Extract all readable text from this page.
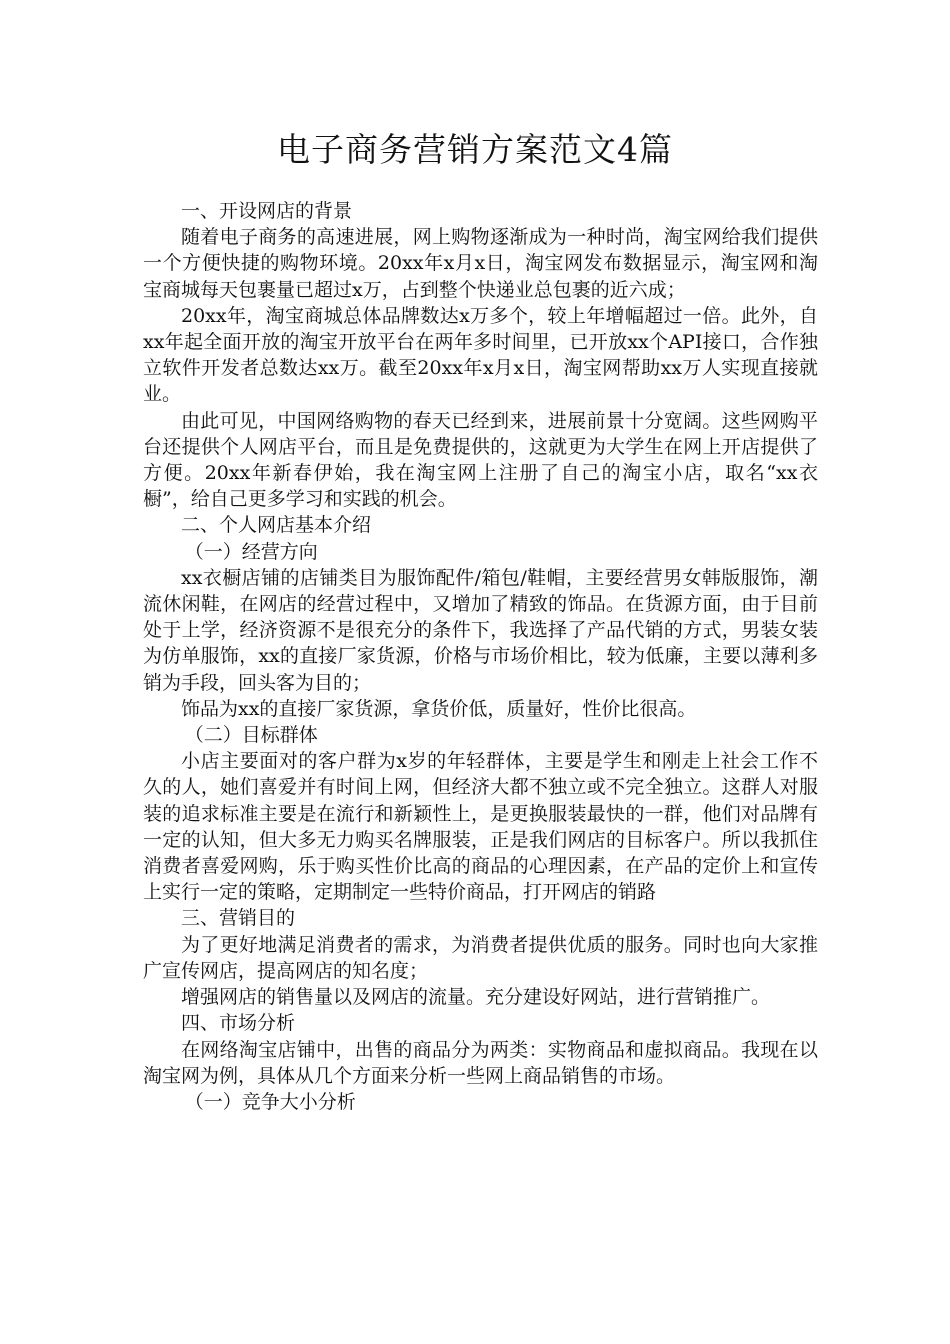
电子商务营销方案范文4篇

一、开设网店的背景

随着电子商务的高速进展，网上购物逐渐成为一种时尚，淘宝网给我们提供一个方便快捷的购物环境。20xx年x月x日，淘宝网发布数据显示，淘宝网和淘宝商城每天包裹量已超过x万，占到整个快递业总包裹的近六成；

20xx年，淘宝商城总体品牌数达x万多个，较上年增幅超过一倍。此外，自xx年起全面开放的淘宝开放平台在两年多时间里，已开放xx个API接口，合作独立软件开发者总数达xx万。截至20xx年x月x日，淘宝网帮助xx万人实现直接就业。

由此可见，中国网络购物的春天已经到来，进展前景十分宽阔。这些网购平台还提供个人网店平台，而且是免费提供的，这就更为大学生在网上开店提供了方便。20xx年新春伊始，我在淘宝网上注册了自己的淘宝小店，取名“xx衣橱”，给自己更多学习和实践的机会。

二、个人网店基本介绍

（一）经营方向

xx衣橱店铺的店铺类目为服饰配件/箱包/鞋帽，主要经营男女韩版服饰，潮流休闲鞋，在网店的经营过程中，又增加了精致的饰品。在货源方面，由于目前处于上学，经济资源不是很充分的条件下，我选择了产品代销的方式，男装女装为仿单服饰，xx的直接厂家货源，价格与市场价相比，较为低廉，主要以薄利多销为手段，回头客为目的；

饰品为xx的直接厂家货源，拿货价低，质量好，性价比很高。

（二）目标群体

小店主要面对的客户群为x岁的年轻群体，主要是学生和刚走上社会工作不久的人，她们喜爱并有时间上网，但经济大都不独立或不完全独立。这群人对服装的追求标准主要是在流行和新颖性上，是更换服装最快的一群，他们对品牌有一定的认知，但大多无力购买名牌服装，正是我们网店的目标客户。所以我抓住消费者喜爱网购，乐于购买性价比高的商品的心理因素，在产品的定价上和宣传上实行一定的策略，定期制定一些特价商品，打开网店的销路

三、营销目的

为了更好地满足消费者的需求，为消费者提供优质的服务。同时也向大家推广宣传网店，提高网店的知名度；

增强网店的销售量以及网店的流量。充分建设好网站，进行营销推广。

四、市场分析

在网络淘宝店铺中，出售的商品分为两类：实物商品和虚拟商品。我现在以淘宝网为例，具体从几个方面来分析一些网上商品销售的市场。

（一）竞争大小分析
